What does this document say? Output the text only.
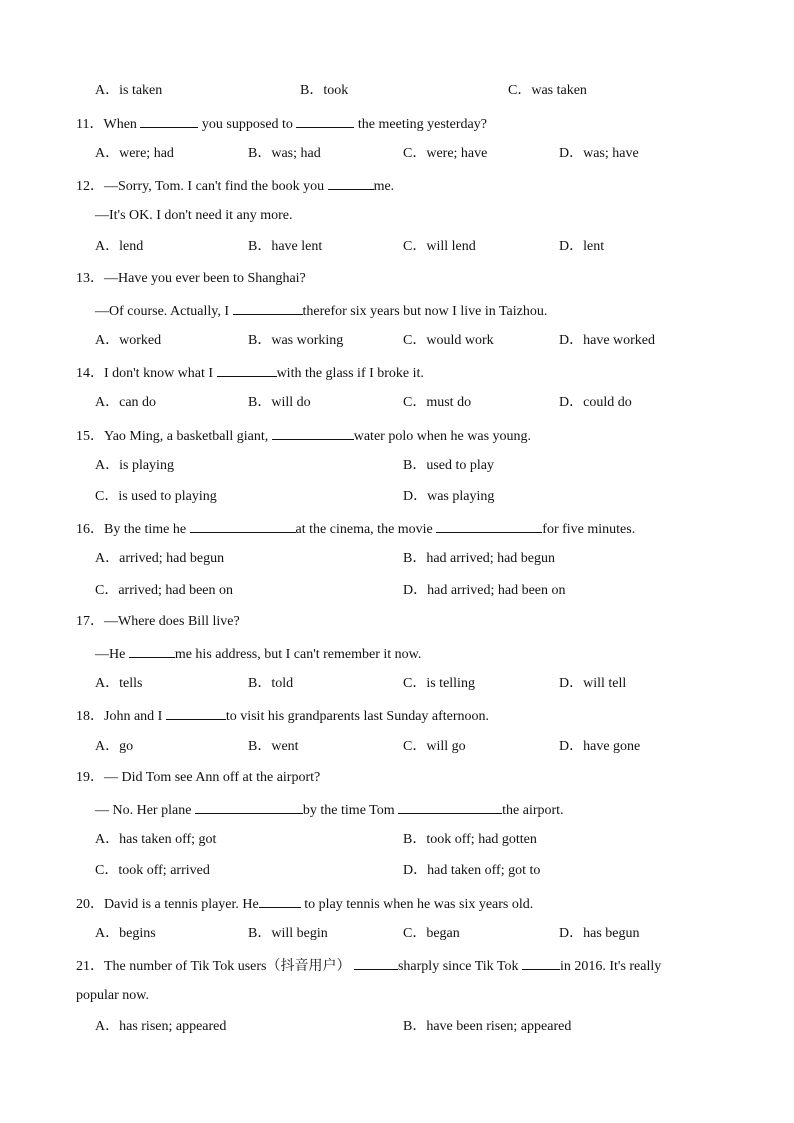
A．is taken	B．took	C．was taken
11．When	you supposed to	the meeting yesterday?
A．were; had	B．was; had	C．were; have	D．was; have
12．—Sorry, Tom. I can't find the book you	me.
—It's OK. I don't need it any more.
A．lend	B．have lent	C．will lend	D．lent
13．—Have you ever been to Shanghai?
—Of course. Actually, I	therefor six years but now I live in Taizhou.
A．worked	B．was working	C．would work	D．have worked
14．I don't know what I	with the glass if I broke it.
A．can do	B．will do	C．must do	D．could do
15．Yao Ming, a basketball giant,	water polo when he was young.
A．is playing	B．used to play
C．is used to playing	D．was playing
16．By the time he	at the cinema, the movie	for five minutes.
A．arrived; had begun	B．had arrived; had begun
C．arrived; had been on	D．had arrived; had been on
17．—Where does Bill live?
—He	me his address, but I can't remember it now.
A．tells	B．told	C．is telling	D．will tell
18．John and I	to visit his grandparents last Sunday afternoon.
A．go	B．went	C．will go	D．have gone
19．— Did Tom see Ann off at the airport?
— No. Her plane	by the time Tom	the airport.
A．has taken off; got	B．took off; had gotten
C．took off; arrived	D．had taken off; got to
20．David is a tennis player. He	to play tennis when he was six years old.
A．begins	B．will begin	C．began	D．has begun
21．The number of Tik Tok users（抖音用户）	sharply since Tik Tok	in 2016. It's really
popular now.
A．has risen; appeared	B．have been risen; appeared
